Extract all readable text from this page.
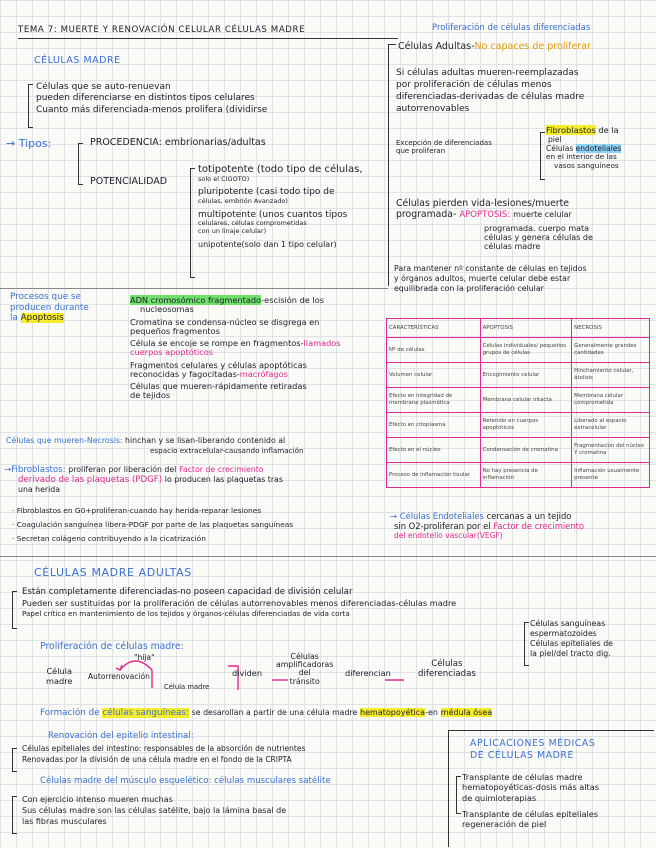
TEMA 7: MUERTE Y RENOVACIÓN CELULAR CÉLULAS MADRE
CÉLULAS MADRE
Células que se auto-renuevan
pueden diferenciarse en distintos tipos celulares
Cuanto más diferenciada-menos prolifera (dividirse
→ Tipos:	PROCEDENCIA: embrionarias/adultas
POTENCIALIDAD
totipotente (todo tipo de células,
solo el CIGOTO)
pluripotente (casi todo tipo de
células, embrión Avanzado)
multipotente (unos cuantos tipos
celulares, células comprometidas
con un linaje celular)
unipotente(solo dan 1 tipo celular)
Proliferación de células diferenciadas
Células Adultas-No capaces de proliferar
Si células adultas mueren-reemplazadas
por proliferación de células menos
diferenciadas-derivadas de células madre
autorrenovables
Excepción de diferenciadas
que proliferan
Fibroblastos de la
piel
Células endoteliales
en el interior de las
vasos sanguíneos
Células pierden vida-lesiones/muerte
programada- APOPTOSIS: muerte celular
programada. cuerpo mata
células y genera células de
células madre
Para mantener nº constante de células en tejidos
y órganos adultos, muerte celular debe estar
equilibrada con la proliferación celular
Procesos que se
producen durante
la Apoptosis
ADN cromosómico fragmentado-escisión de los
nucleosomas
Cromatina se condensa-núcleo se disgrega en
pequeños fragmentos
Célula se encoje se rompe en fragmentos-llamados
cuerpos apoptóticos
Fragmentos celulares y células apoptóticas
reconocidas y fagocitadas-macrófagos
Células que mueren-rápidamente retiradas
de tejidos
Células que mueren-Necrosis: hinchan y se lisan-liberando contenido al
espacio extracelular-causando inflamación
→Fibroblastos: proliferan por liberación del Factor de crecimiento
derivado de las plaquetas (PDGF) lo producen las plaquetas tras
una herida
· Fibroblastos en G0+proliferan-cuando hay herida-reparar lesiones
· Coagulación sanguínea libera-PDGF por parte de las plaquetas sanguíneas
· Secretan colágeno contribuyendo a la cicatrización
CARACTERÍSTICAS	APOPTOSIS	NECROSIS
Nº de células	Células individuales/ pequeños grupos de células	Generalmente grandes cantidades
Volumen celular	Encogimiento celular	Hinchamiento celular, átolisis
Efecto en integridad de membrana plasmática	Membrana celular intacta	Membrana celular comprometida
Efecto en citoplasma	Retenido en cuerpos apoptóticos	Liberado al espacio extracelular
Efecto en el núcleo	Condensación de cromatina	Fragmentación del núcleo Y cromatina
Proceso de inflamación tisular	No hay presencia de inflamación	Inflamación usualmente presente
→ Células Endoteliales cercanas a un tejido
sin O2-proliferan por el Factor de crecimiento
del endotelio vascular(VEGF)
CÉLULAS MADRE ADULTAS
Están completamente diferenciadas-no poseen capacidad de división celular
Pueden ser sustituidas por la proliferación de células autorrenovables menos diferenciadas-células madre
Papel crítico en mantenimiento de los tejidos y órganos-células diferenciadas de vida corta
Células sanguíneas
espermatozoides
Células epiteliales de
la piel/del tracto dig.
Proliferación de células madre:
"hija"
Célula
madre Autorrenovación
Célula madre
dividen
Células
amplificadoras
del
tránsito
diferencian
Células
diferenciadas
Formación de células sanguíneas: se desarollan a partir de una célula madre hematopoyética-en médula ósea
Renovación del epitelio intestinal:
Células epiteliales del intestino: responsables de la absorción de nutrientes
Renovadas por la división de una célula madre en el fondo de la CRIPTA
Células madre del músculo esquelético: células musculares satélite
Con ejercicio intenso mueren muchas
Sus células madre son las células satélite, bajo la lámina basal de
las fibras musculares
APLICACIONES MÉDICAS
DE CÉLULAS MADRE
Transplante de células madre
hematopoyéticas-dosis más altas
de quimioterapias
Transplante de células epiteliales
regeneración de piel
